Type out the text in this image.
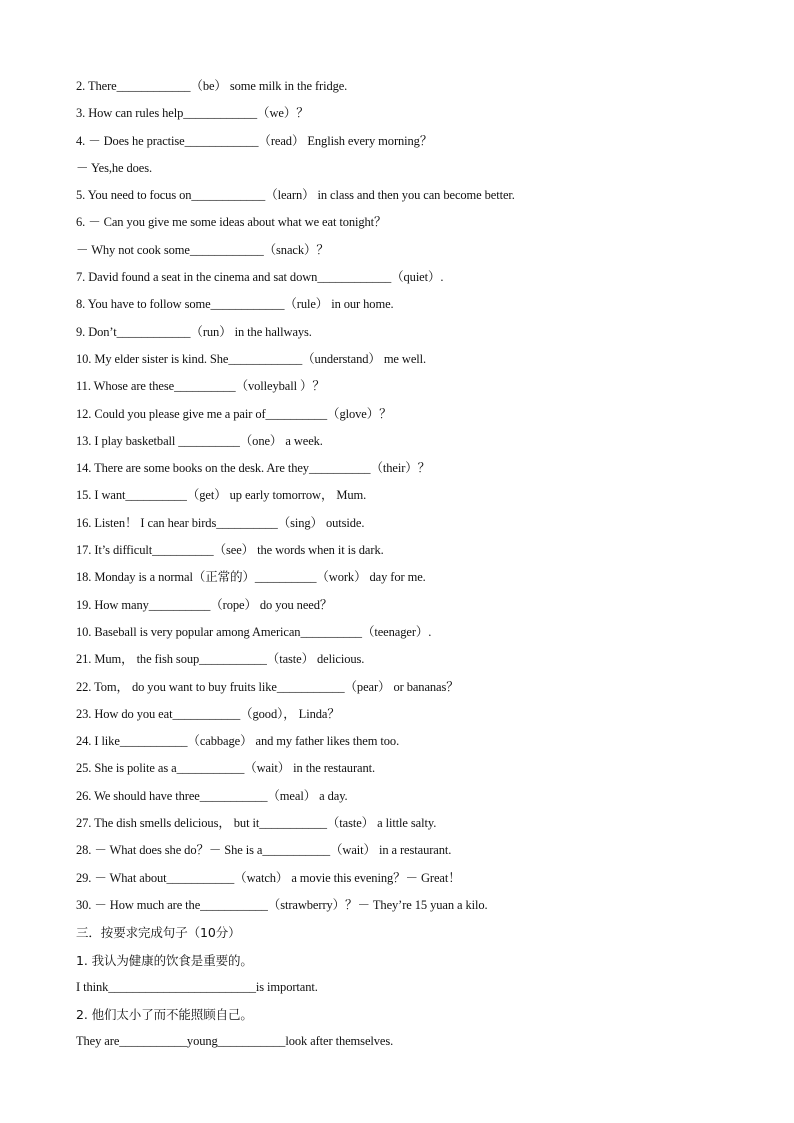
2. There____________（be） some milk in the fridge.
3. How can rules help____________（we）？
4. － Does he practise____________（read） English every morning？
－ Yes,he does.
5. You need to focus on____________（learn） in class and then you can become better.
6. － Can you give me some ideas about what we eat tonight？
－ Why not cook some____________（snack）？
7. David found a seat in the cinema and sat down____________（quiet）.
8. You have to follow some____________（rule） in our home.
9. Don’t____________（run） in the hallways.
10. My elder sister is kind. She____________（understand） me well.
11. Whose are these__________（volleyball ）？
12. Could you please give me a pair of__________（glove）？
13. I play basketball __________（one） a week.
14. There are some books on the desk. Are they__________（their）？
15. I want__________（get） up early tomorrow， Mum.
16. Listen！ I can hear birds__________（sing） outside.
17. It’s difficult__________（see） the words when it is dark.
18. Monday is a normal（正常的）__________（work） day for me.
19. How many__________（rope） do you need？
10. Baseball is very popular among American__________（teenager）.
21. Mum， the fish soup___________（taste） delicious.
22. Tom， do you want to buy fruits like___________（pear） or bananas？
23. How do you eat___________（good）， Linda？
24. I like___________（cabbage） and my father likes them too.
25. She is polite as a___________（wait） in the restaurant.
26. We should have three___________（meal） a day.
27. The dish smells delicious， but it___________（taste） a little salty.
28. － What does she do？－ She is a___________（wait） in a restaurant.
29. － What about___________（watch） a movie this evening？－ Great！
30. － How much are the___________（strawberry）？－ They’re 15 yuan a kilo.
三．按要求完成句子（10分）
1. 我认为健康的饮食是重要的。
I think________________________is important.
2. 他们太小了而不能照顾自己。
They are___________young___________look after themselves.
